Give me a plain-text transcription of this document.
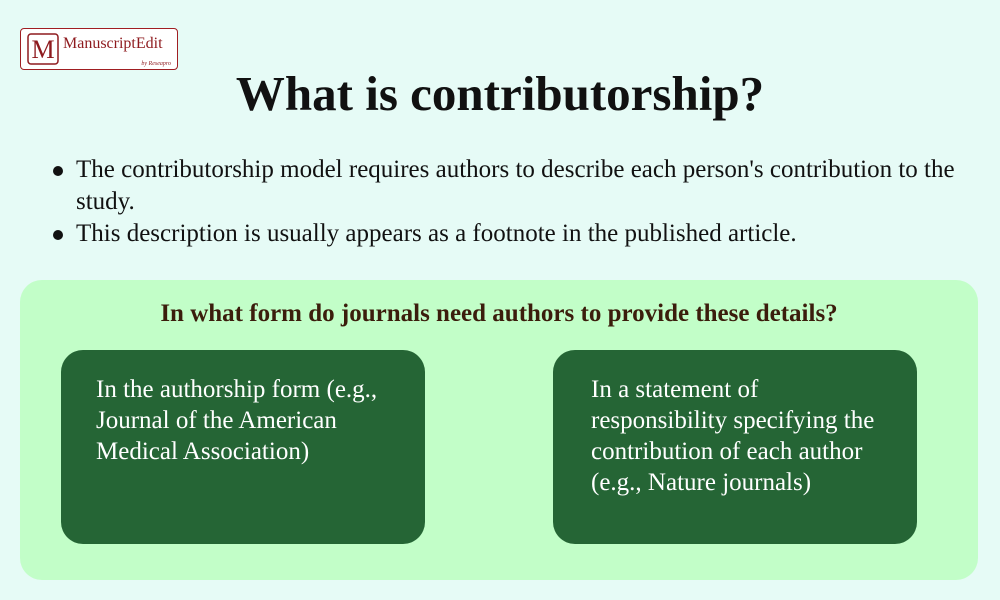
M ManuscriptEdit
by Reseapro
What is contributorship?
The contributorship model requires authors to describe each person's contribution to the study.
This description is usually appears as a footnote in the published article.

In what form do journals need authors to provide these details?

In the authorship form (e.g., Journal of the American Medical Association)
In a statement of responsibility specifying the contribution of each author (e.g., Nature journals)
